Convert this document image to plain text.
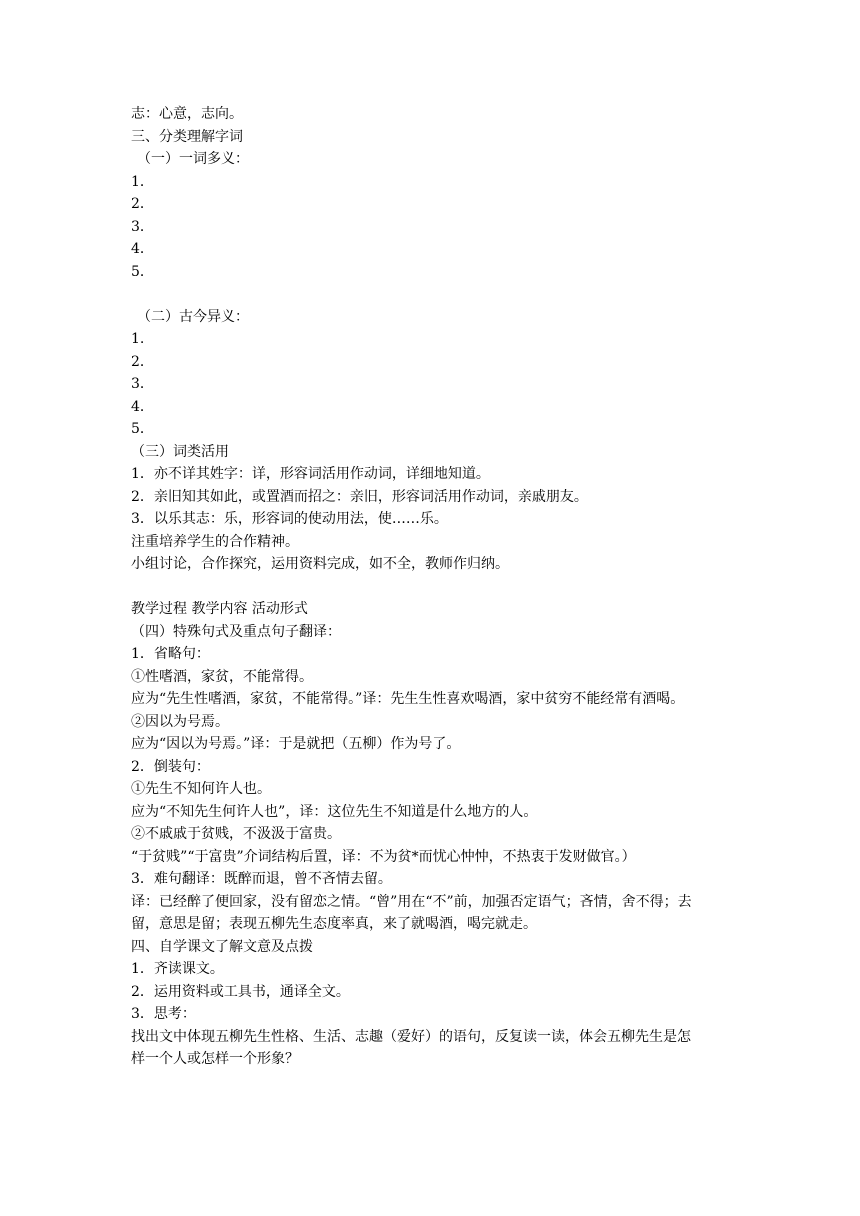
志：心意，志向。
三、分类理解字词
（一）一词多义：
1．
2．
3．
4．
5．
（二）古今异义：
1.
2．
3．
4．
5．
（三）词类活用
1．亦不详其姓字：详，形容词活用作动词，详细地知道。
2．亲旧知其如此，或置酒而招之：亲旧，形容词活用作动词，亲戚朋友。
3．以乐其志：乐，形容词的使动用法，使……乐。
注重培养学生的合作精神。
小组讨论，合作探究，运用资料完成，如不全，教师作归纳。
教学过程 教学内容 活动形式
（四）特殊句式及重点句子翻译：
1．省略句：
①性嗜酒，家贫，不能常得。
应为“先生性嗜酒，家贫，不能常得。”译：先生生性喜欢喝酒，家中贫穷不能经常有酒喝。
②因以为号焉。
应为“因以为号焉。”译：于是就把（五柳）作为号了。
2．倒装句：
①先生不知何许人也。
应为“不知先生何许人也”，译：这位先生不知道是什么地方的人。
②不戚戚于贫贱，不汲汲于富贵。
“于贫贱”“于富贵”介词结构后置，译：不为贫*而忧心忡忡，不热衷于发财做官。）
3．难句翻译：既醉而退，曾不吝情去留。
译：已经醉了便回家，没有留恋之情。“曾”用在“不”前，加强否定语气；吝情，舍不得；去
留，意思是留；表现五柳先生态度率真，来了就喝酒，喝完就走。
四、自学课文了解文意及点拨
1．齐读课文。
2．运用资料或工具书，通译全文。
3．思考：
找出文中体现五柳先生性格、生活、志趣（爱好）的语句，反复读一读，体会五柳先生是怎
样一个人或怎样一个形象？
